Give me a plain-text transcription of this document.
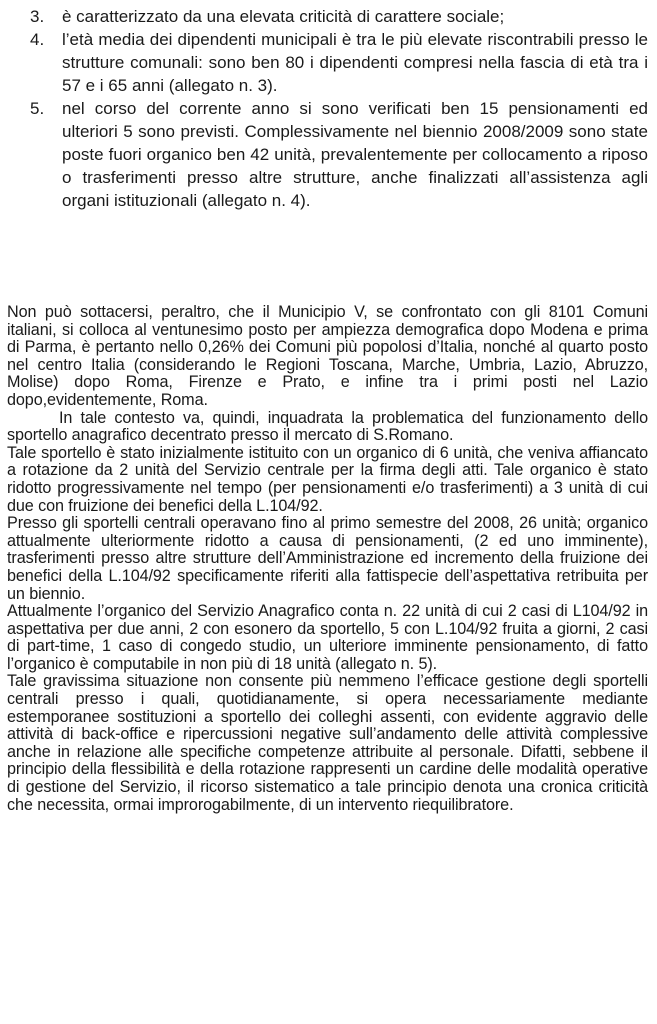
3. è caratterizzato da una elevata criticità di carattere sociale;
4. l’età media dei dipendenti municipali è tra le più elevate riscontrabili presso le strutture comunali: sono ben 80 i dipendenti compresi nella fascia di età tra i 57 e i 65 anni (allegato n. 3).
5. nel corso del corrente anno si sono verificati ben 15 pensionamenti ed ulteriori 5 sono previsti. Complessivamente nel biennio 2008/2009 sono state poste fuori organico ben 42 unità, prevalentemente per collocamento a riposo o trasferimenti presso altre strutture, anche finalizzati all’assistenza agli organi istituzionali (allegato n. 4).

Non può sottacersi, peraltro, che il Municipio V, se confrontato con gli 8101 Comuni italiani, si colloca al ventunesimo posto per ampiezza demografica dopo Modena e prima di Parma, è pertanto nello 0,26% dei Comuni più popolosi d’Italia, nonché al quarto posto nel centro Italia (considerando le Regioni Toscana, Marche, Umbria, Lazio, Abruzzo, Molise) dopo Roma, Firenze e Prato, e infine tra i primi posti nel Lazio dopo,evidentemente, Roma.

In tale contesto va, quindi, inquadrata la problematica del funzionamento dello sportello anagrafico decentrato presso il mercato di S.Romano.

Tale sportello è stato inizialmente istituito con un organico di 6 unità, che veniva affiancato a rotazione da 2 unità del Servizio centrale per la firma degli atti. Tale organico è stato ridotto progressivamente nel tempo (per pensionamenti e/o trasferimenti) a 3 unità di cui due con fruizione dei benefici della L.104/92.

Presso gli sportelli centrali operavano fino al primo semestre del 2008, 26 unità; organico attualmente ulteriormente ridotto a causa di pensionamenti, (2 ed uno imminente), trasferimenti presso altre strutture dell’Amministrazione ed incremento della fruizione dei benefici della L.104/92 specificamente riferiti alla fattispecie dell’aspettativa retribuita per un biennio.

Attualmente l’organico del Servizio Anagrafico conta n. 22 unità di cui 2 casi di L104/92 in aspettativa per due anni, 2 con esonero da sportello, 5 con L.104/92 fruita a giorni, 2 casi di part-time, 1 caso di congedo studio, un ulteriore imminente pensionamento, di fatto l’organico è computabile in non più di 18 unità (allegato n. 5).

Tale gravissima situazione non consente più nemmeno l’efficace gestione degli sportelli centrali presso i quali, quotidianamente, si opera necessariamente mediante estemporanee sostituzioni a sportello dei colleghi assenti, con evidente aggravio delle attività di back-office e ripercussioni negative sull’andamento delle attività complessive anche in relazione alle specifiche competenze attribuite al personale. Difatti, sebbene il principio della flessibilità e della rotazione rappresenti un cardine delle modalità operative di gestione del Servizio, il ricorso sistematico a tale principio denota una cronica criticità che necessita, ormai improrogabilmente, di un intervento riequilibratore.
